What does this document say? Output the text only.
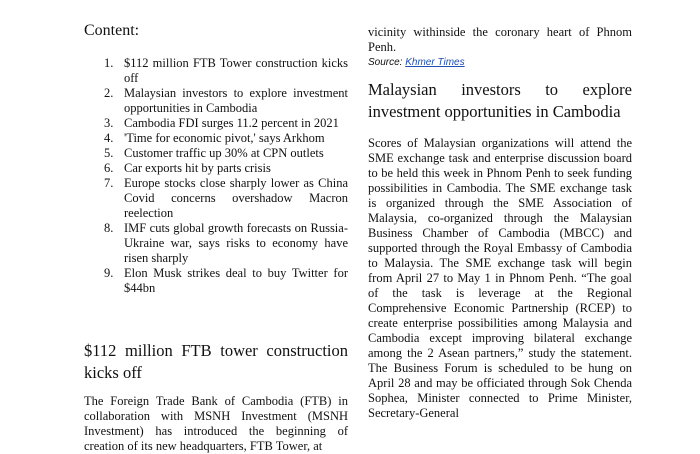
Content:
1. $112 million FTB Tower construction kicks off
2. Malaysian investors to explore investment opportunities in Cambodia
3. Cambodia FDI surges 11.2 percent in 2021
4. 'Time for economic pivot,' says Arkhom
5. Customer traffic up 30% at CPN outlets
6. Car exports hit by parts crisis
7. Europe stocks close sharply lower as China Covid concerns overshadow Macron reelection
8. IMF cuts global growth forecasts on Russia-Ukraine war, says risks to economy have risen sharply
9. Elon Musk strikes deal to buy Twitter for $44bn
$112 million FTB tower construction kicks off
The Foreign Trade Bank of Cambodia (FTB) in collaboration with MSNH Investment (MSNH Investment) has introduced the beginning of creation of its new headquarters, FTB Tower, at
vicinity withinside the coronary heart of Phnom Penh.
Source: Khmer Times
Malaysian investors to explore investment opportunities in Cambodia
Scores of Malaysian organizations will attend the SME exchange task and enterprise discussion board to be held this week in Phnom Penh to seek funding possibilities in Cambodia. The SME exchange task is organized through the SME Association of Malaysia, co-organized through the Malaysian Business Chamber of Cambodia (MBCC) and supported through the Royal Embassy of Cambodia to Malaysia. The SME exchange task will begin from April 27 to May 1 in Phnom Penh. “The goal of the task is leverage at the Regional Comprehensive Economic Partnership (RCEP) to create enterprise possibilities among Malaysia and Cambodia except improving bilateral exchange among the 2 Asean partners,” study the statement. The Business Forum is scheduled to be hung on April 28 and may be officiated through Sok Chenda Sophea, Minister connected to Prime Minister, Secretary-General
